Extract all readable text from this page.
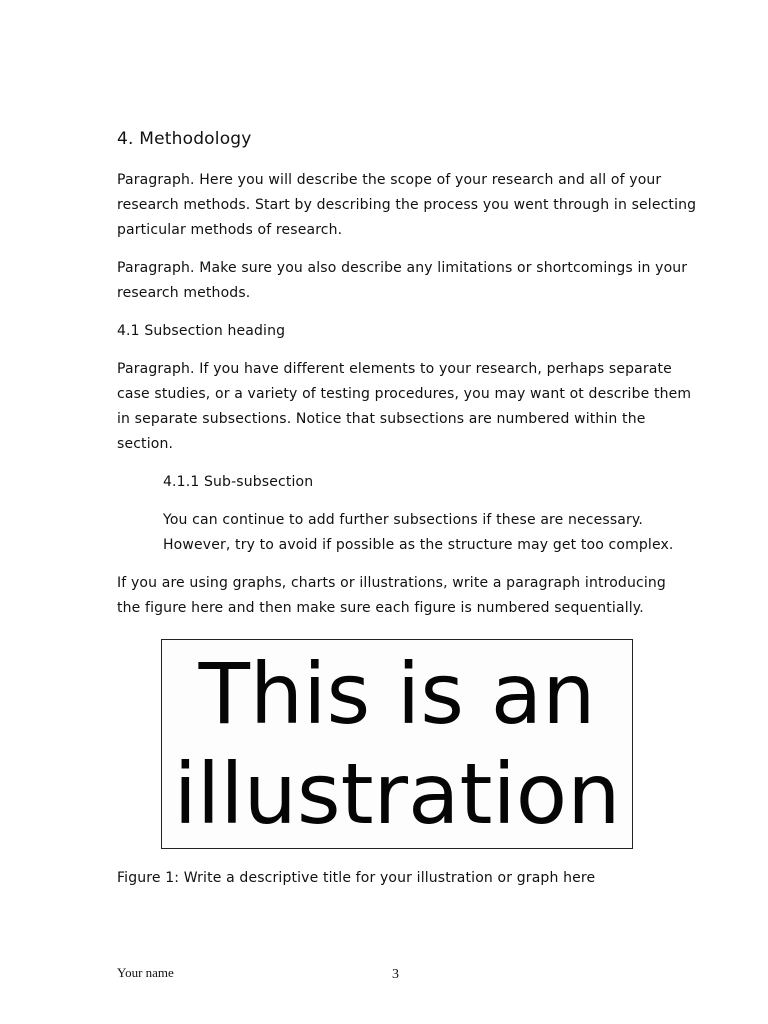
4. Methodology

Paragraph. Here you will describe the scope of your research and all of your

research methods. Start by describing the process you went through in selecting

particular methods of research.

Paragraph. Make sure you also describe any limitations or shortcomings in your

research methods.

4.1 Subsection heading

Paragraph. If you have different elements to your research, perhaps separate

case studies, or a variety of testing procedures, you may want ot describe them

in separate subsections. Notice that subsections are numbered within the

section.

4.1.1 Sub-subsection

You can continue to add further subsections if these are necessary.

However, try to avoid if possible as the structure may get too complex.

If you are using graphs, charts or illustrations, write a paragraph introducing

the figure here and then make sure each figure is numbered sequentially.

This is an
illustration

Figure 1: Write a descriptive title for your illustration or graph here

Your name	3
